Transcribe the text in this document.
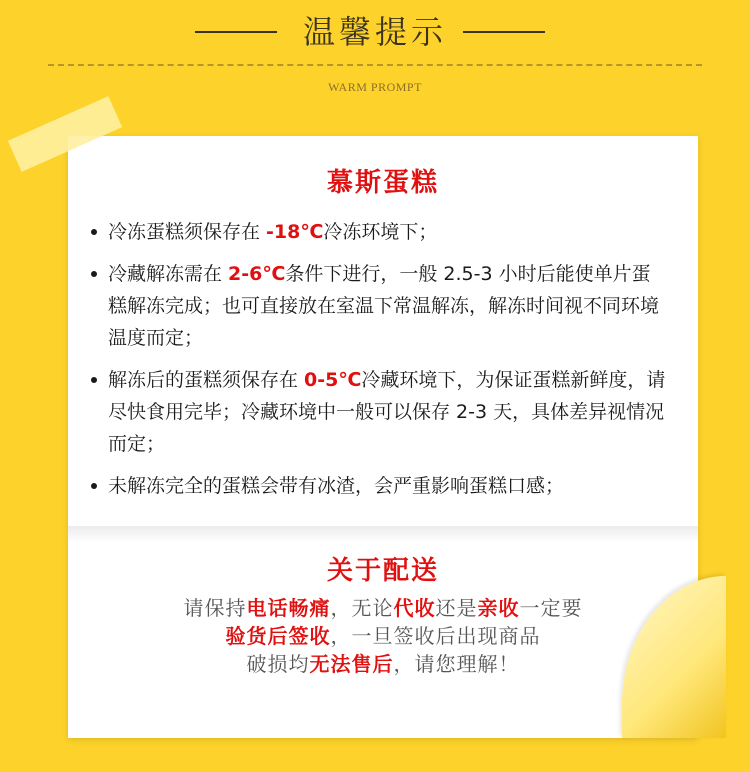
温馨提示
WARM PROMPT
慕斯蛋糕
冷冻蛋糕须保存在 -18℃冷冻环境下；
冷藏解冻需在 2-6℃条件下进行，一般 2.5-3 小时后能使单片蛋糕解冻完成；也可直接放在室温下常温解冻，解冻时间视不同环境温度而定；
解冻后的蛋糕须保存在 0-5℃冷藏环境下，为保证蛋糕新鲜度，请尽快食用完毕；冷藏环境中一般可以保存 2-3 天，具体差异视情况而定；
未解冻完全的蛋糕会带有冰渣，会严重影响蛋糕口感；
关于配送
请保持电话畅痛，无论代收还是亲收一定要
验货后签收，一旦签收后出现商品
破损均无法售后，请您理解！
